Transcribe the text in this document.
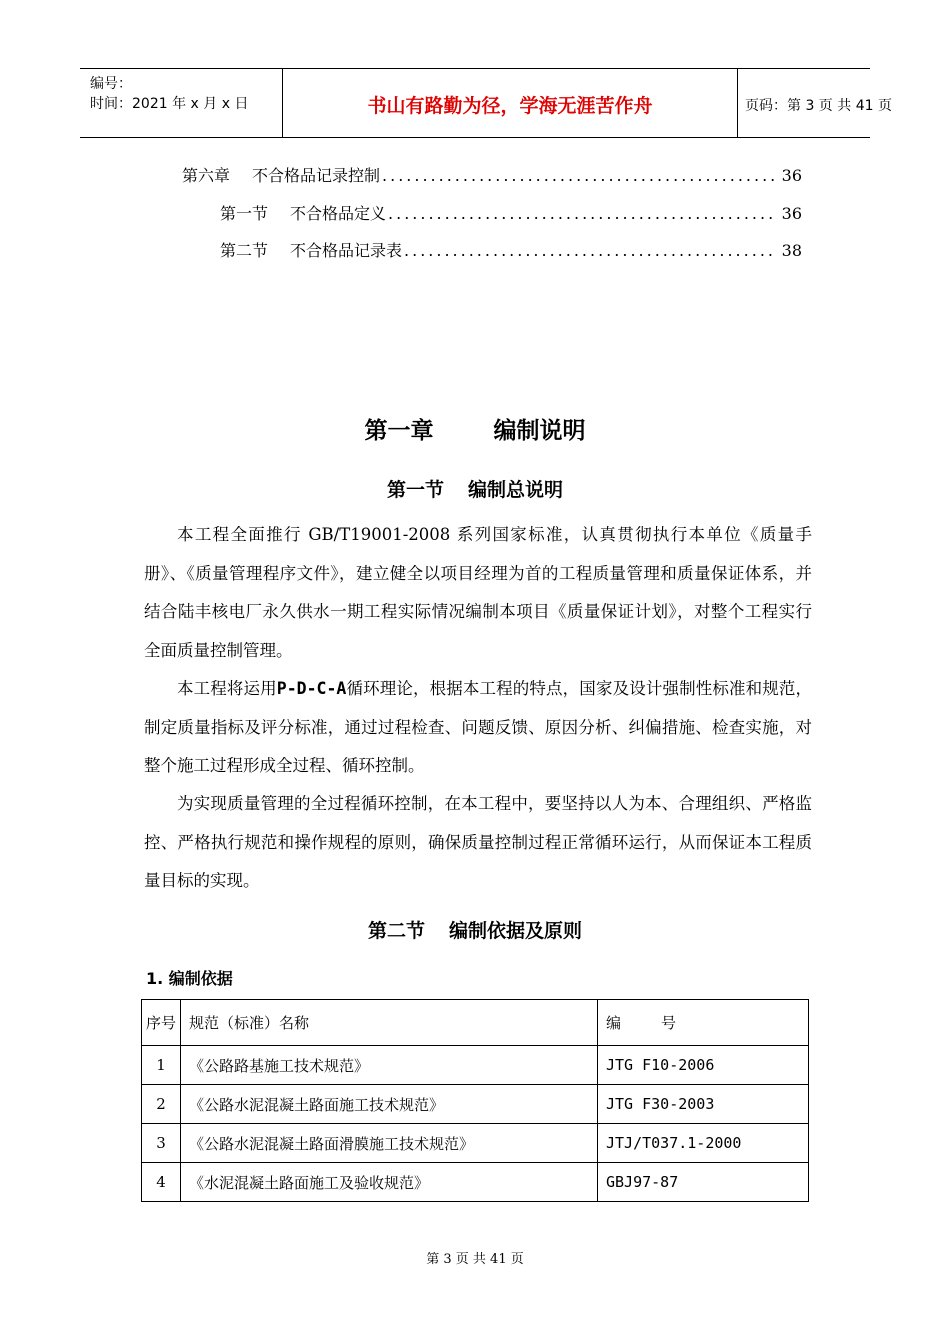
编号：
时间：2021 年 x 月 x 日	书山有路勤为径，学海无涯苦作舟	页码：第 3 页 共 41 页
第六章 不合格品记录控制 .....	36
第一节 不合格品定义 .....	36
第二节 不合格品记录表 .....	38
第一章	编制说明
第一节 编制总说明
本工程全面推行 GB/T19001-2008 系列国家标准，认真贯彻执行本单位《质量手册》、《质量管理程序文件》，建立健全以项目经理为首的工程质量管理和质量保证体系，并结合陆丰核电厂永久供水一期工程实际情况编制本项目《质量保证计划》，对整个工程实行全面质量控制管理。
本工程将运用P-D-C-A循环理论，根据本工程的特点，国家及设计强制性标准和规范，制定质量指标及评分标准，通过过程检查、问题反馈、原因分析、纠偏措施、检查实施，对整个施工过程形成全过程、循环控制。
为实现质量管理的全过程循环控制，在本工程中，要坚持以人为本、合理组织、严格监控、严格执行规范和操作规程的原则，确保质量控制过程正常循环运行，从而保证本工程质量目标的实现。
第二节 编制依据及原则
1. 编制依据
序号	规范（标准）名称	编 号
1	《公路路基施工技术规范》	JTG F10-2006
2	《公路水泥混凝土路面施工技术规范》	JTG F30-2003
3	《公路水泥混凝土路面滑膜施工技术规范》	JTJ/T037.1-2000
4	《水泥混凝土路面施工及验收规范》	GBJ97-87
第 3 页 共 41 页
